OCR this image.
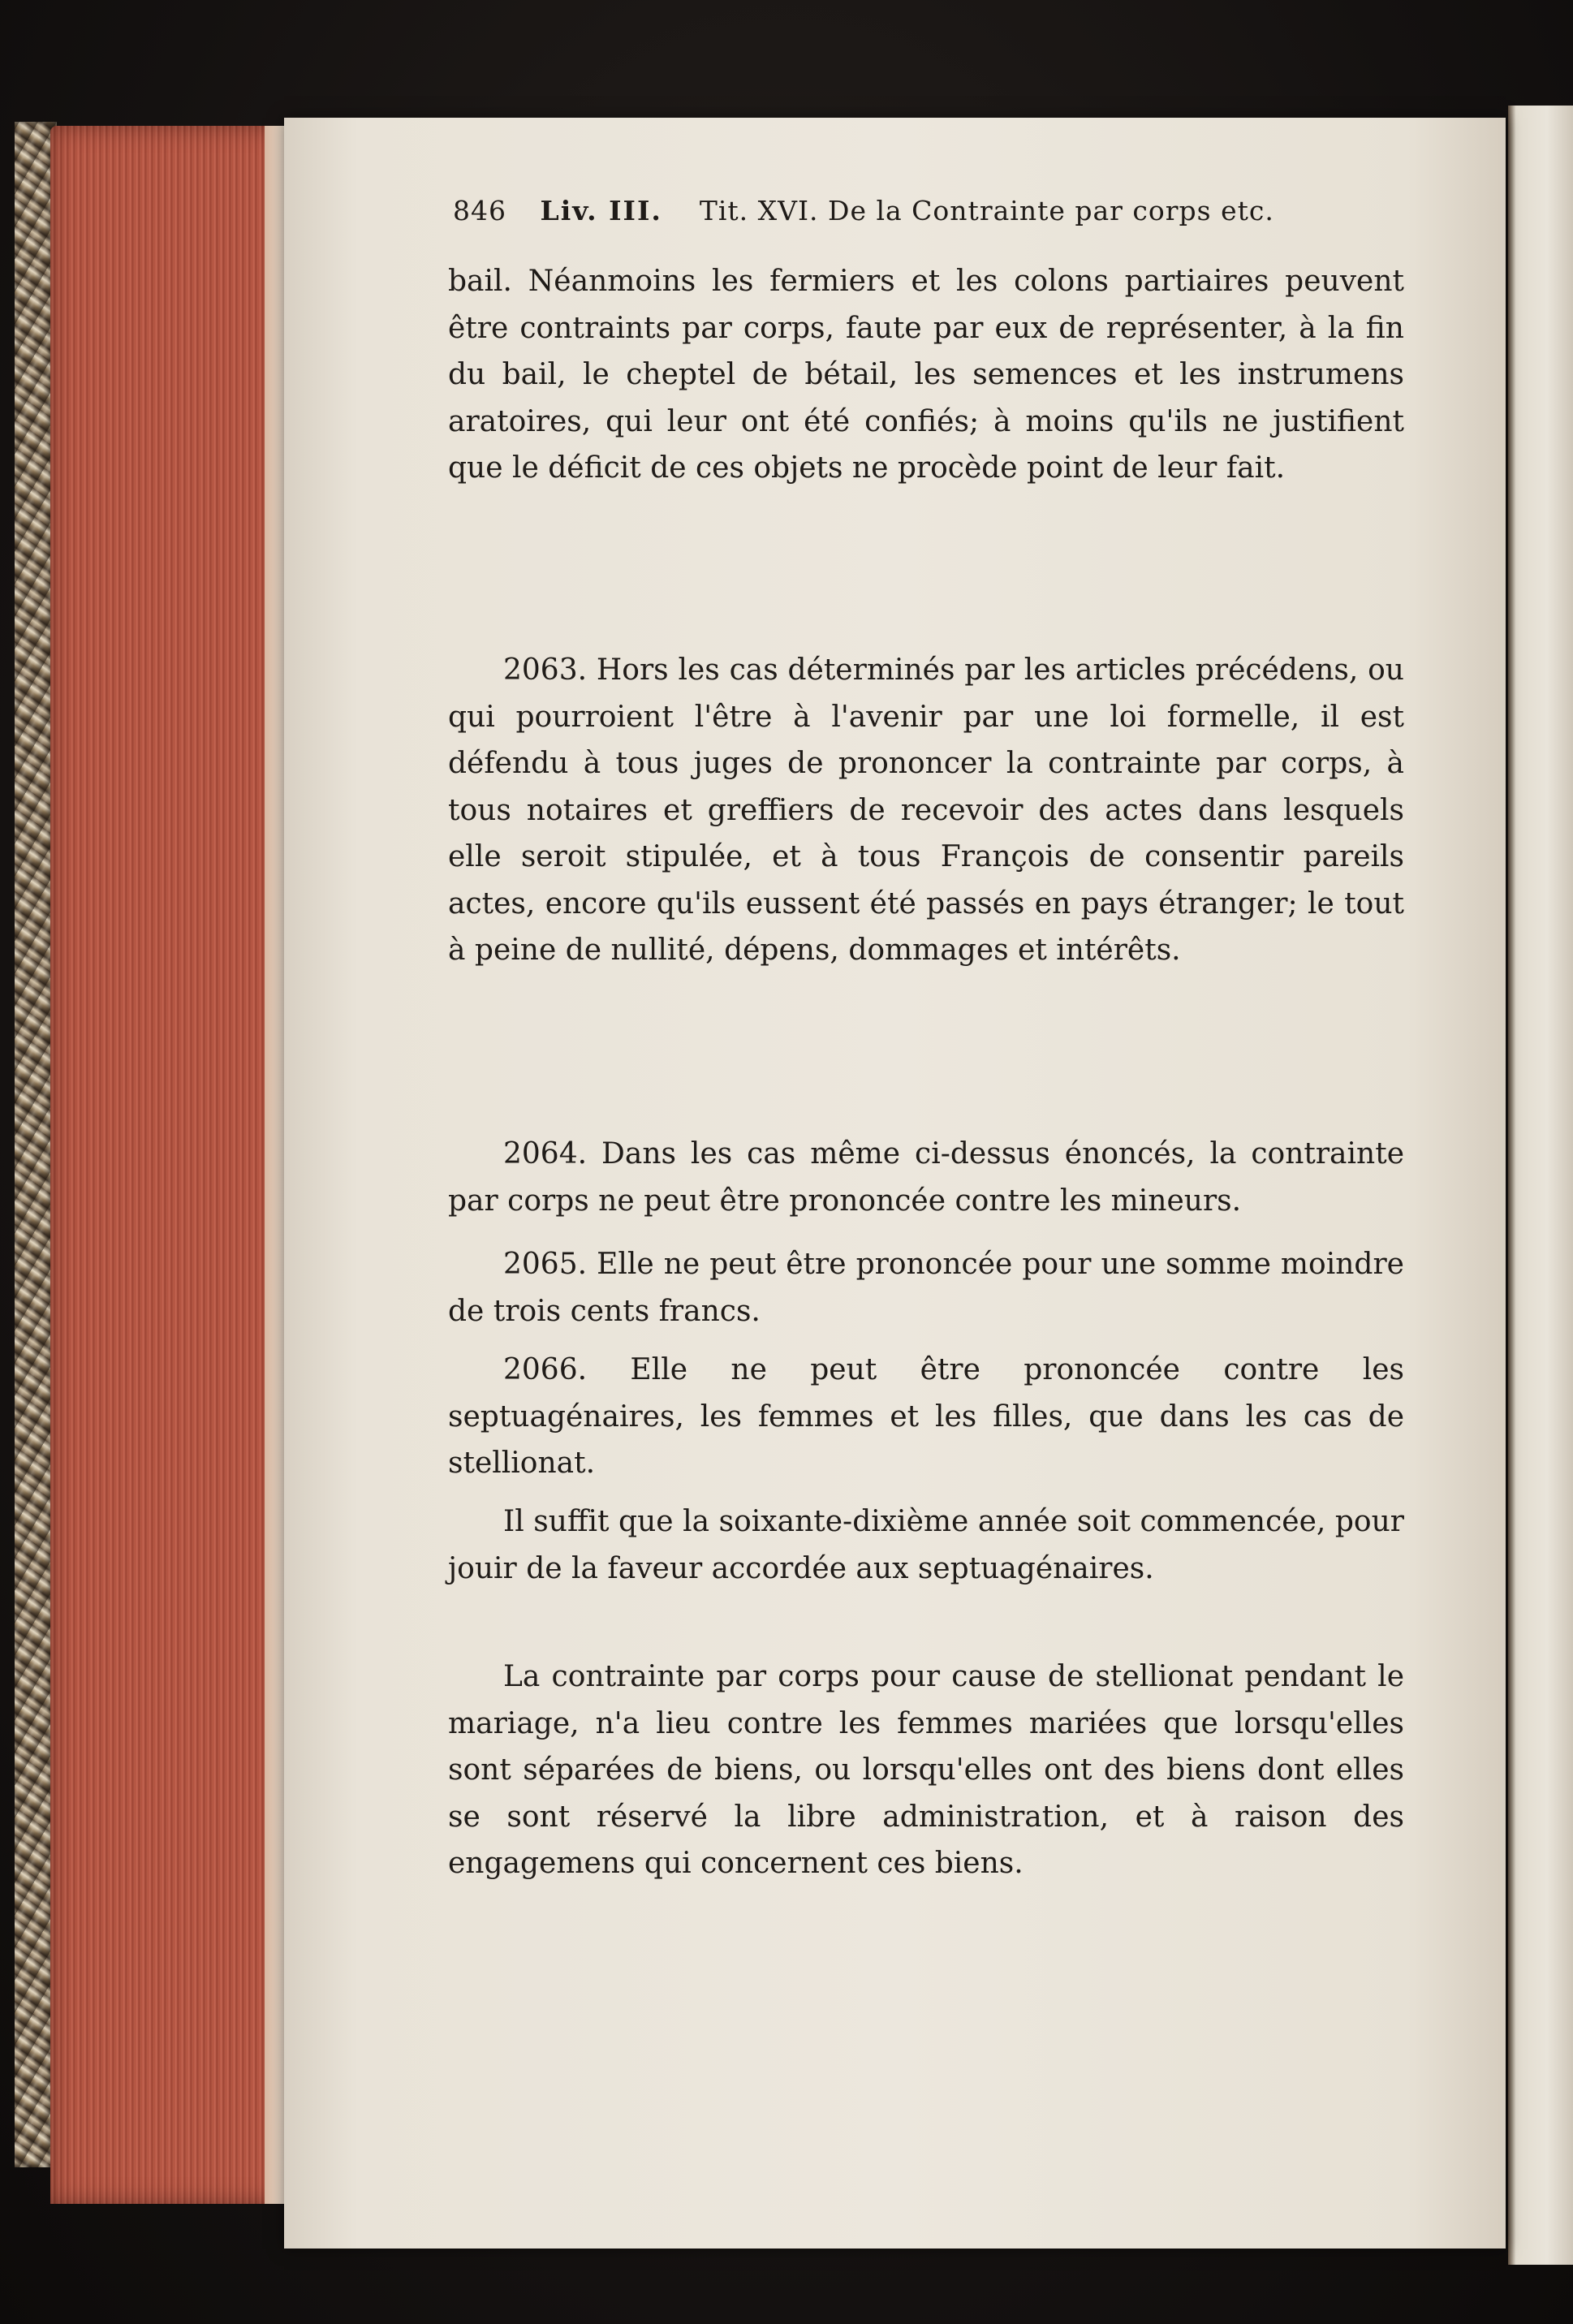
846 Liv. III. Tit. XVI. De la Contrainte par corps etc.

bail. Néanmoins les fermiers et les colons partiaires peuvent être contraints par corps, faute par eux de représenter, à la fin du bail, le cheptel de bétail, les semences et les instrumens aratoires, qui leur ont été confiés; à moins qu'ils ne justifient que le déficit de ces objets ne procède point de leur fait.

2063. Hors les cas déterminés par les articles précédens, ou qui pourroient l'être à l'avenir par une loi formelle, il est défendu à tous juges de prononcer la contrainte par corps, à tous notaires et greffiers de recevoir des actes dans lesquels elle seroit stipulée, et à tous François de consentir pareils actes, encore qu'ils eussent été passés en pays étranger; le tout à peine de nullité, dépens, dommages et intérêts.

2064. Dans les cas même ci-dessus énoncés, la contrainte par corps ne peut être prononcée contre les mineurs.

2065. Elle ne peut être prononcée pour une somme moindre de trois cents francs.

2066. Elle ne peut être prononcée contre les septuagénaires, les femmes et les filles, que dans les cas de stellionat.

Il suffit que la soixante-dixième année soit commencée, pour jouir de la faveur accordée aux septuagénaires.

La contrainte par corps pour cause de stellionat pendant le mariage, n'a lieu contre les femmes mariées que lorsqu'elles sont séparées de biens, ou lorsqu'elles ont des biens dont elles se sont réservé la libre administration, et à raison des engagemens qui concernent ces biens.
